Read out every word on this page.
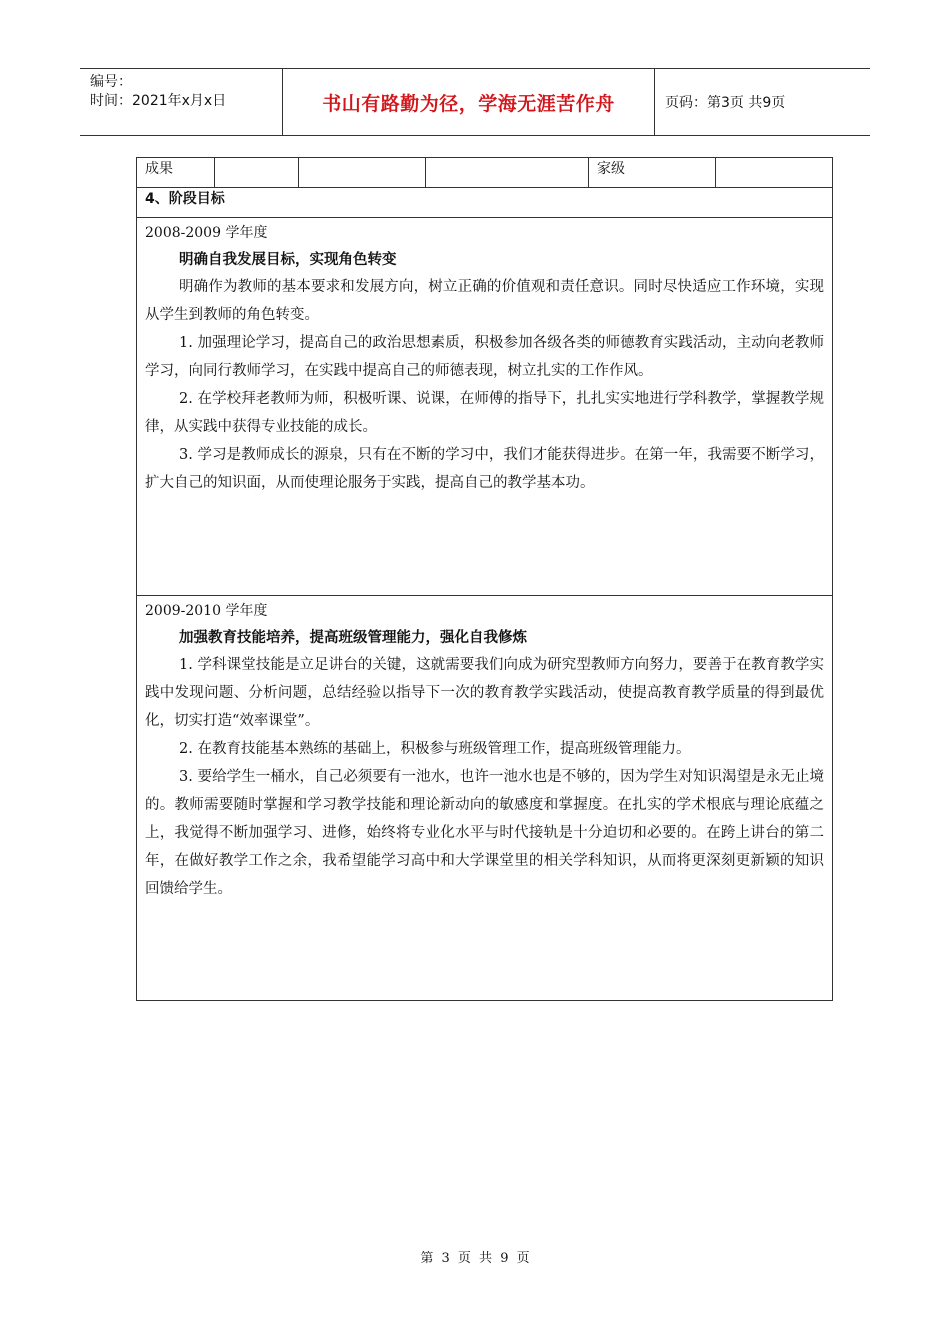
编号：
时间：2021年x月x日	书山有路勤为径，学海无涯苦作舟	页码：第3页 共9页
成果				家级	
4、阶段目标

2008-2009 学年度
明确自我发展目标，实现角色转变

明确作为教师的基本要求和发展方向，树立正确的价值观和责任意识。同时尽快适应工作环境，实现从学生到教师的角色转变。

1. 加强理论学习，提高自己的政治思想素质，积极参加各级各类的师德教育实践活动，主动向老教师学习，向同行教师学习，在实践中提高自己的师德表现，树立扎实的工作作风。

2. 在学校拜老教师为师，积极听课、说课，在师傅的指导下，扎扎实实地进行学科教学，掌握教学规律，从实践中获得专业技能的成长。

3. 学习是教师成长的源泉，只有在不断的学习中，我们才能获得进步。在第一年，我需要不断学习，扩大自己的知识面，从而使理论服务于实践，提高自己的教学基本功。

2009-2010 学年度
加强教育技能培养，提高班级管理能力，强化自我修炼

1. 学科课堂技能是立足讲台的关键，这就需要我们向成为研究型教师方向努力，要善于在教育教学实践中发现问题、分析问题，总结经验以指导下一次的教育教学实践活动，使提高教育教学质量的得到最优化，切实打造“效率课堂”。

2. 在教育技能基本熟练的基础上，积极参与班级管理工作，提高班级管理能力。

3. 要给学生一桶水，自己必须要有一池水，也许一池水也是不够的，因为学生对知识渴望是永无止境的。教师需要随时掌握和学习教学技能和理论新动向的敏感度和掌握度。在扎实的学术根底与理论底蕴之上，我觉得不断加强学习、进修，始终将专业化水平与时代接轨是十分迫切和必要的。在跨上讲台的第二年，在做好教学工作之余，我希望能学习高中和大学课堂里的相关学科知识，从而将更深刻更新颖的知识回馈给学生。

第 3 页 共 9 页
